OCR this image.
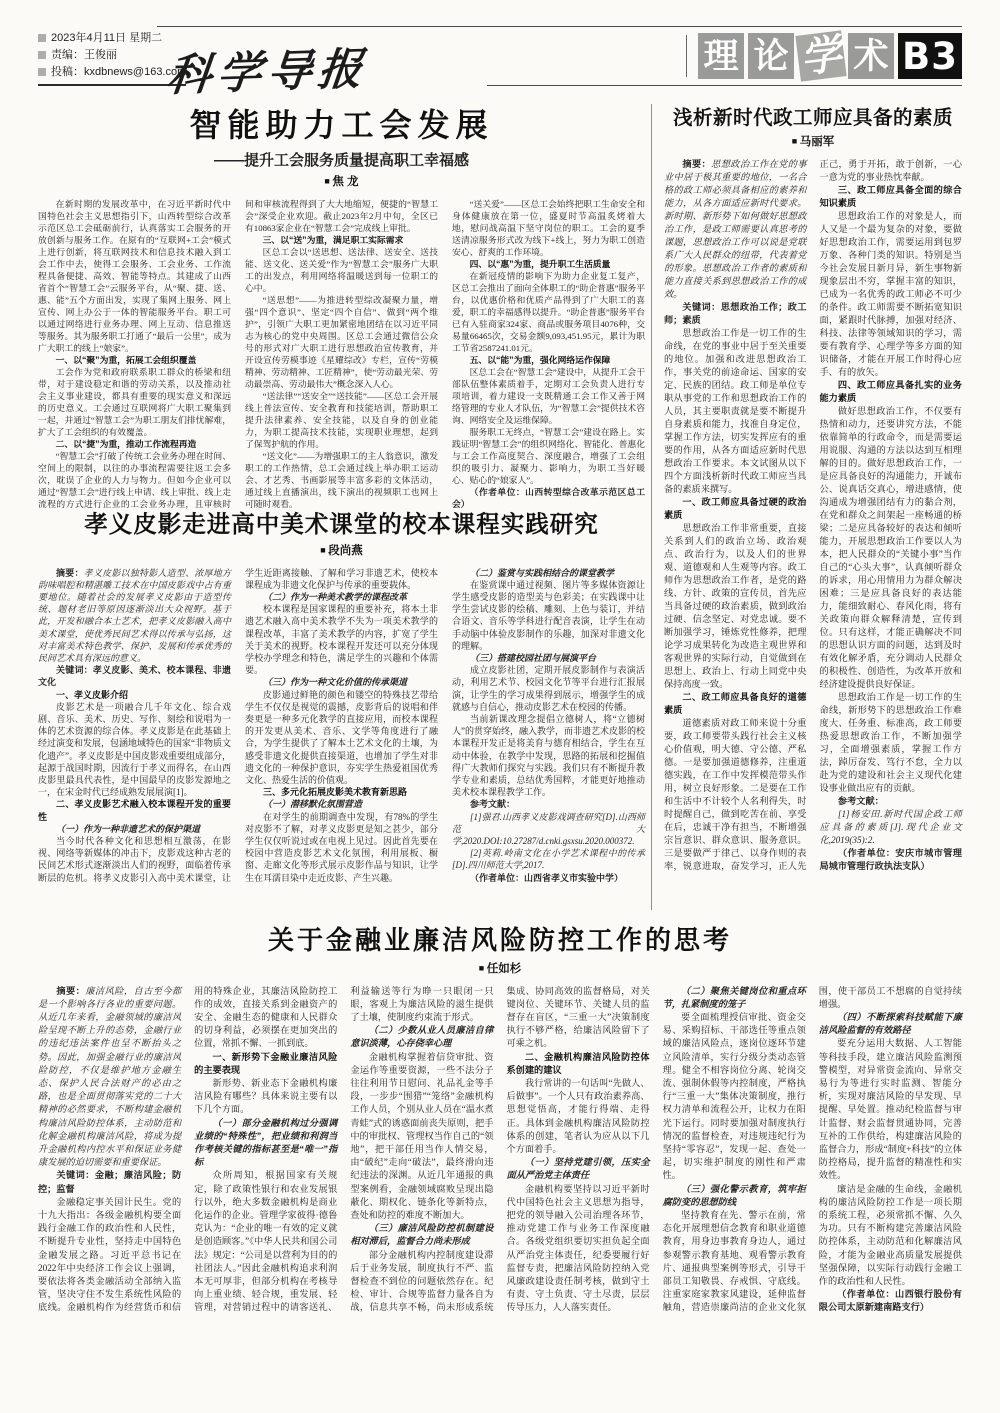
2023年4月11日 星期二
责编：王俊丽
投稿：kxdbnews@163.com
科学导报	理 论 学 术 B3
智能助力工会发展
——提升工会服务质量提高职工幸福感
■ 焦 龙

在新时期的发展改革中，在习近平新时代中国特色社会主义思想指引下，山西转型综合改革示范区总工会砥砺前行，认真落实工会服务的开放创新与服务工作。在原有的“互联网+工会”模式上进行创新，将互联网技术和信息技术融入到工会工作中去，使得工会服务、工会业务、工作流程具备便捷、高效、智能等特点。其建成了山西省首个“智慧工会”云服务平台，从“聚、捷、送、惠、能”五个方面出发，实现了集网上服务、网上宣传、网上办公于一体的智能服务平台。职工可以通过网络进行业务办理、网上互动、信息推送等服务。其为服务职工打通了“最后一公里”，成为广大职工的线上“娘家”。

一、以“聚”为重，拓展工会组织覆盖

工会作为党和政府联系职工群众的桥梁和纽带，对于建设稳定和谐的劳动关系，以及推动社会主义事业建设，都具有重要的现实意义和深远的历史意义。工会通过互联网将广大职工聚集到一起，并通过“智慧工会”为职工朋友们排忧解难，扩大了工会组织的有效覆盖。

二、以“捷”为重，推动工作流程再造

“智慧工会”打破了传统工会业务办理在时间、空间上的限制，以往的办事流程需要往返工会多次，耽误了企业的人力与物力。但如今企业可以通过“智慧工会”进行线上申请、线上审批、线上走流程的方式进行企业的工会业务办理，且审核时间和审核流程得到了大大地缩短，便捷的“智慧工会”深受企业欢迎。截止2023年2月中旬，全区已有10863家企业在“智慧工会”完成线上审批。

三、以“送”为重，满足职工实际需求

区总工会以“送思想、送法律、送安全、送技能、送文化、送关爱”作为“智慧工会”服务广大职工的出发点，利用网络将温暖送到每一位职工的心中。

“送思想”——为推进转型综改凝聚力量，增强“四个意识”、坚定“四个自信”、做到“两个维护”，引领广大职工更加紧密地团结在以习近平同志为核心的党中央周围。区总工会通过微信公众号的形式对广大职工进行思想政治宣传教育，并开设宣传劳模事迹《星耀综改》专栏，宣传“劳模精神、劳动精神、工匠精神”，使“劳动最光荣、劳动最崇高、劳动最伟大”概念深入人心。

“送法律”“送安全”“送技能”——区总工会开展线上普法宣传、安全教育和技能培训，帮助职工提升法律素养、安全技能，以及自身的创业能力，为职工提高技术技能，实现职业理想，起到了保驾护航的作用。

“送文化”——为增强职工的主人翁意识，激发职工的工作热情，总工会通过线上举办职工运动会、才艺秀、书画影展等丰富多彩的文体活动，通过线上直播演出，线下演出的视频职工也网上可随时观看。

“送关爱”——区总工会始终把职工生命安全和身体健康放在第一位，盛夏时节高温炙烤着大地，慰问战高温下坚守岗位的职工。工会的夏季送清凉服务形式改为线下+线上，努力为职工创造安心、舒爽的工作环境。

四、以“惠”为重，提升职工生活质量

在新冠疫情的影响下为助力企业复工复产，区总工会推出了面向全体职工的“助企普惠”服务平台，以优惠价格和优质产品得到了广大职工的喜爱，职工的幸福感得以提升。“助企普惠”服务平台已有入驻商家324家、商品或服务项目4076种，交易量66465次，交易金额9,093,451.95元，累计为职工节省2587241.01元。

五、以“能”为重，强化网络运作保障

区总工会在“智慧工会”建设中，从提升工会干部队伍整体素质着手，定期对工会负责人进行专项培训，着力建设一支既精通工会工作又善于网络管理的专业人才队伍，为“智慧工会”提供技术咨询、网络安全及运维保障。

服务职工无终点，“智慧工会”建设在路上。实践证明“智慧工会”的组织网络化、智能化、普惠化与工会工作高度契合、深度融合，增强了工会组织的吸引力、凝聚力、影响力，为职工当好暖心、贴心的“娘家人”。

（作者单位：山西转型综合改革示范区总工会）

浅析新时代政工师应具备的素质
■ 马丽军

摘要：思想政治工作在党的事业中居于极其重要的地位，一名合格的政工师必须具备相应的素养和能力，从各方面适应新时代要求。新时期、新形势下如何做好思想政治工作，是政工师需要认真思考的课题，思想政治工作可以说是党联系广大人民群众的纽带，代表着党的形象。思想政治工作者的素质和能力直接关系到思想政治工作的成效。

关键词：思想政治工作；政工师；素质

思想政治工作是一切工作的生命线，在党的事业中居于至关重要的地位。加强和改进思想政治工作，事关党的前途命运、国家的安定、民族的团结。政工师是单位专职从事党的工作和思想政治工作的人员，其主要职责就是要不断提升自身素质和能力，找准自身定位，掌握工作方法，切实发挥应有的重要的作用，从各方面适应新时代思想政治工作要求。本文试图从以下四个方面浅析新时代政工师应当具备的素质来撰写。

一、政工师应具备过硬的政治素质

思想政治工作非常重要，直接关系到人们的政治立场、政治观点、政治行为，以及人们的世界观、道德观和人生观等内容。政工师作为思想政治工作者，是党的路线、方针、政策的宣传员，首先应当具备过硬的政治素质，做到政治过硬、信念坚定、对党忠诚。要不断加强学习，锤炼党性修养，把理论学习成果转化为改造主观世界和客观世界的实际行动，自觉做到在思想上、政治上、行动上同党中央保持高度一致。

二、政工师应具备良好的道德素质

道德素质对政工师来说十分重要，政工师要带头践行社会主义核心价值观，明大德、守公德、严私德。一是要加强道德修养，注重道德实践，在工作中发挥模范带头作用，树立良好形象。二是要在工作和生活中不计较个人名利得失，时时提醒自己，做到吃苦在前、享受在后，忠诚干净有担当，不断增强宗旨意识、群众意识、服务意识。三是要做严于律己、以身作则的表率，锐意进取，奋发学习，正人先正己，勇于开拓，敢于创新，一心一意为党的事业热忱奉献。

三、政工师应具备全面的综合知识素质

思想政治工作的对象是人，而人又是一个最为复杂的对象，要做好思想政治工作，需要运用到包罗万象、各种门类的知识。特别是当今社会发展日新月异，新生事物新现象层出不穷，掌握丰富的知识，已成为一名优秀的政工师必不可少的条件。政工师需要不断拓宽知识面，紧跟时代脉搏，加强对经济、科技、法律等领域知识的学习，需要有教育学、心理学等多方面的知识储备，才能在开展工作时得心应手、有的放矢。

四、政工师应具备扎实的业务能力素质

做好思想政治工作，不仅要有热情和动力，还要讲究方法，不能依靠简单的行政命令，而是需要运用说服、沟通的方法以达到互相理解的目的。做好思想政治工作，一是应具备良好的沟通能力，开诚布公、说真话交真心，增进感情，使沟通成为增强团结有力的黏合剂，在党和群众之间架起一座畅通的桥梁；二是应具备较好的表达和倾听能力，开展思想政治工作要以人为本，把人民群众的“关键小事”当作自己的“心头大事”，认真倾听群众的诉求，用心用情用力为群众解决困难；三是应具备良好的表达能力，能细致耐心、春风化雨，将有关政策向群众解释清楚，宣传到位。只有这样，才能正确解决不同的思想认识方面的问题，达到及时有效化解矛盾，充分调动人民群众的积极性、创造性，为改革开放和经济建设提供良好保证。

思想政治工作是一切工作的生命线，新形势下的思想政治工作难度大、任务重、标准高，政工师要热爱思想政治工作，不断加强学习，全面增强素质，掌握工作方法，踔厉奋发、笃行不怠，全力以赴为党的建设和社会主义现代化建设事业做出应有的贡献。

参考文献：

[1]杨安田.新时代国企政工师应具备的素质[J].现代企业文化,2019(35):2.

（作者单位：安庆市城市管理局城市管理行政执法支队）

孝义皮影走进高中美术课堂的校本课程实践研究
■ 段尚燕

摘要：孝义皮影以独特影人造型、浓厚地方韵味唱腔和精湛雕工技术在中国皮影戏中占有重要地位。随着社会的发展孝义皮影由于造型传统、题材老旧等原因逐渐淡出大众视野。基于此，开发和融合本土艺术，把孝义皮影融入高中美术课堂，使优秀民间艺术得以传承与弘扬，这对丰富美术特色教学、保护、发展和传承优秀的民间艺术具有深远的意义。

关键词：孝义皮影、美术、校本课程、非遗文化

一、孝义皮影介绍

皮影艺术是一项融合几千年文化、综合戏剧、音乐、美术、历史、写作、刻绘和说唱为一体的艺术资源的综合体。孝义皮影是在此基础上经过演变和发展，包涵地域特色的国家“非物质文化遗产”。孝义皮影是中国皮影戏重要组成部分，起源于战国时期，因流行于孝义而得名，在山西皮影里最具代表性，是中国最早的皮影发源地之一，在宋金时代已经成熟发展展演[1]。

二、孝义皮影艺术融入校本课程开发的重要性

（一）作为一种非遗艺术的保护渠道

当今时代各种文化和思想相互激荡，在影视、网络等新媒体的冲击下，皮影戏这种古老的民间艺术形式逐渐淡出人们的视野，面临着传承断层的危机。将孝义皮影引入高中美术课堂，让学生近距离接触、了解和学习非遗艺术，使校本课程成为非遗文化保护与传承的重要载体。

（二）作为一种美术教学的课程改革

校本课程是国家课程的重要补充，将本土非遗艺术融入高中美术教学不失为一项美术教学的课程改革，丰富了美术教学的内容，扩宽了学生关于美术的视野。校本课程开发还可以充分体现学校办学理念和特色，满足学生的兴趣和个体需要。

（三）作为一种文化价值的传承渠道

皮影通过鲜艳的颜色和镂空的特殊技艺带给学生不仅仅是视觉的震撼，皮影背后的说唱和伴奏更是一种多元化教学的直接应用，而校本课程的开发更从美术、音乐、文学等角度进行了融合，为学生提供了了解本土艺术文化的土壤，为感受非遗文化提供直接渠道，也增加了学生对非遗文化的一种保护意识，夯实学生热爱祖国优秀文化、热爱生活的价值观。

三、多元化拓展皮影美术教育新思路

（一）潜移默化氛围营造

在对学生的前期调查中发现，有78%的学生对皮影不了解，对孝义皮影更是知之甚少，部分学生仅仅听说过或在电视上见过。因此首先要在校园中营造皮影艺术文化氛围，利用展板、橱窗、走廊文化等形式展示皮影作品与知识，让学生在耳濡目染中走近皮影、产生兴趣。

（二）鉴赏与实践相结合的课堂教学

在鉴赏课中通过视频、图片等多媒体资源让学生感受皮影的造型美与色彩美；在实践课中让学生尝试皮影的绘稿、雕刻、上色与装订，并结合语文、音乐等学科进行配音表演，让学生在动手动脑中体验皮影制作的乐趣，加深对非遗文化的理解。

（三）搭建校园社团与展演平台

成立皮影社团，定期开展皮影制作与表演活动，利用艺术节、校园文化节等平台进行汇报展演，让学生的学习成果得到展示，增强学生的成就感与自信心，推动皮影艺术在校园的传播。

当前新课改理念提倡立德树人，将“立德树人”的贯穿始终，融入教学，而非遗艺术皮影的校本课程开发正是将美育与德育相结合，学生在互动中体验，在教学中发现，思路的拓展和挖掘值得广大教师们探究与实践。我们只有不断提升教学专业和素质，总结优秀国粹，才能更好地推动美术校本课程教学工作。

参考文献：

[1]强君.山西孝义皮影戏调查研究[D].山西师范大学,2020.DOI:10.27287/d.cnki.gsxsu.2020.000372.

[2]英莉.岭南文化在小学艺术课程中的传承[D].四川师范大学,2017.

（作者单位：山西省孝义市实验中学）

关于金融业廉洁风险防控工作的思考
■ 任如杉

摘要：廉洁风险，自古至今都是一个影响各行各业的重要问题。从近几年来看，金融领域的廉洁风险呈现不断上升的态势，金融行业的违纪违法案件也呈不断抬头之势。因此，加强金融行业的廉洁风险防控，不仅是维护地方金融生态、保护人民合法财产的必由之路，也是全面贯彻落实党的二十大精神的必然要求，不断构建金融机构廉洁风险防控体系，主动防范和化解金融机构廉洁风险，将成为提升金融机构内控水平和保证业务健康发展的迫切需要和重要保证。

关键词：金融；廉洁风险；防控；监督

金融稳定事关国计民生。党的十九大指出：各级金融机构要全面践行金融工作的政治性和人民性，不断提升专业性，坚持走中国特色金融发展之路。习近平总书记在2022年中央经济工作会议上强调，要依法将各类金融活动全部纳入监管，坚决守住不发生系统性风险的底线。金融机构作为经营货币和信用的特殊企业，其廉洁风险防控工作的成效，直接关系到金融资产的安全、金融生态的健康和人民群众的切身利益，必须摆在更加突出的位置，常抓不懈、一抓到底。

一、新形势下金融业廉洁风险的主要表现

新形势、新业态下金融机构廉洁风险有哪些？具体来说主要有以下几个方面。

（一）部分金融机构过分强调业绩的“特殊性”，把业绩和利润当作考核关键的指标甚至是“唯一”指标

众所周知，根据国家有关规定，除了政策性银行和农业发展银行以外，绝大多数金融机构是商业化运作的企业。管理学家彼得·德鲁克认为：“企业的唯一有效的定义就是创造顾客。”《中华人民共和国公司法》规定：“公司是以营利为目的的社团法人。”因此金融机构追求利润本无可厚非，但部分机构在考核导向上重业绩、轻合规，重发展、轻管理，对营销过程中的请客送礼、利益输送等行为睁一只眼闭一只眼，客观上为廉洁风险的滋生提供了土壤，使制度约束流于形式。

（二）少数从业人员廉洁自律意识淡薄，心存侥幸心理

金融机构掌握着信贷审批、资金运作等重要资源，一些不法分子往往利用节日慰问、礼品礼金等手段，一步步“围猎”“笼络”金融机构工作人员，个别从业人员在“温水煮青蛙”式的诱惑面前丧失原则，把手中的审批权、管理权当作自己的“领地”，把干部任用当作人情交易，由“破纪”走向“破法”，最终滑向违纪违法的深渊。从近几年通报的典型案例看，金融领域腐败呈现出隐蔽化、期权化、链条化等新特点，查处和防控的难度不断加大。

（三）廉洁风险防控机制建设相对滞后，监督合力尚未形成

部分金融机构内控制度建设滞后于业务发展，制度执行不严、监督检查不到位的问题依然存在。纪检、审计、合规等监督力量各自为战，信息共享不畅，尚未形成系统集成、协同高效的监督格局，对关键岗位、关键环节、关键人员的监督存在盲区，“三重一大”决策制度执行不够严格，给廉洁风险留下了可乘之机。

二、金融机构廉洁风险防控体系创建的建议

我行常讲的一句话叫“先做人、后做事”。一个人只有政治素养高、思想觉悟高，才能行得端、走得正。具体到金融机构廉洁风险防控体系的创建，笔者认为应从以下几个方面着手。

（一）坚持党建引领，压实全面从严治党主体责任

金融机构要坚持以习近平新时代中国特色社会主义思想为指导，把党的领导融入公司治理各环节，推动党建工作与业务工作深度融合。各级党组织要切实担负起全面从严治党主体责任，纪委要履行好监督专责，把廉洁风险防控纳入党风廉政建设责任制考核，做到守土有责、守土负责、守土尽责，层层传导压力，人人落实责任。

（二）聚焦关键岗位和重点环节，扎紧制度的笼子

要全面梳理授信审批、资金交易、采购招标、干部选任等重点领域的廉洁风险点，逐岗位逐环节建立风险清单，实行分级分类动态管理。健全不相容岗位分离、轮岗交流、强制休假等内控制度，严格执行“三重一大”集体决策制度，推行权力清单和流程公开，让权力在阳光下运行。同时要加强对制度执行情况的监督检查，对违规违纪行为坚持“零容忍”，发现一起、查处一起，切实维护制度的刚性和严肃性。

（三）强化警示教育，筑牢拒腐防变的思想防线

坚持教育在先、警示在前，常态化开展理想信念教育和职业道德教育，用身边事教育身边人，通过参观警示教育基地、观看警示教育片、通报典型案例等形式，引导干部员工知敬畏、存戒惧、守底线。注重家庭家教家风建设，延伸监督触角，营造崇廉尚洁的企业文化氛围，使干部员工不想腐的自觉持续增强。

（四）不断探索科技赋能下廉洁风险监督的有效路径

要充分运用大数据、人工智能等科技手段，建立廉洁风险监测预警模型，对异常资金流向、异常交易行为等进行实时监测、智能分析，实现对廉洁风险的早发现、早提醒、早处置。推动纪检监督与审计监督、财会监督贯通协同，完善互补的工作供给，构建廉洁风险的监督合力，形成“制度+科技”的立体防控格局，提升监督的精准性和实效性。

廉洁是金融的生命线，金融机构的廉洁风险防控工作是一项长期的系统工程，必须常抓不懈、久久为功。只有不断构建完善廉洁风险防控体系，主动防范和化解廉洁风险，才能为金融业高质量发展提供坚强保障，以实际行动践行金融工作的政治性和人民性。

（作者单位：山西银行股份有限公司太原新建南路支行）
